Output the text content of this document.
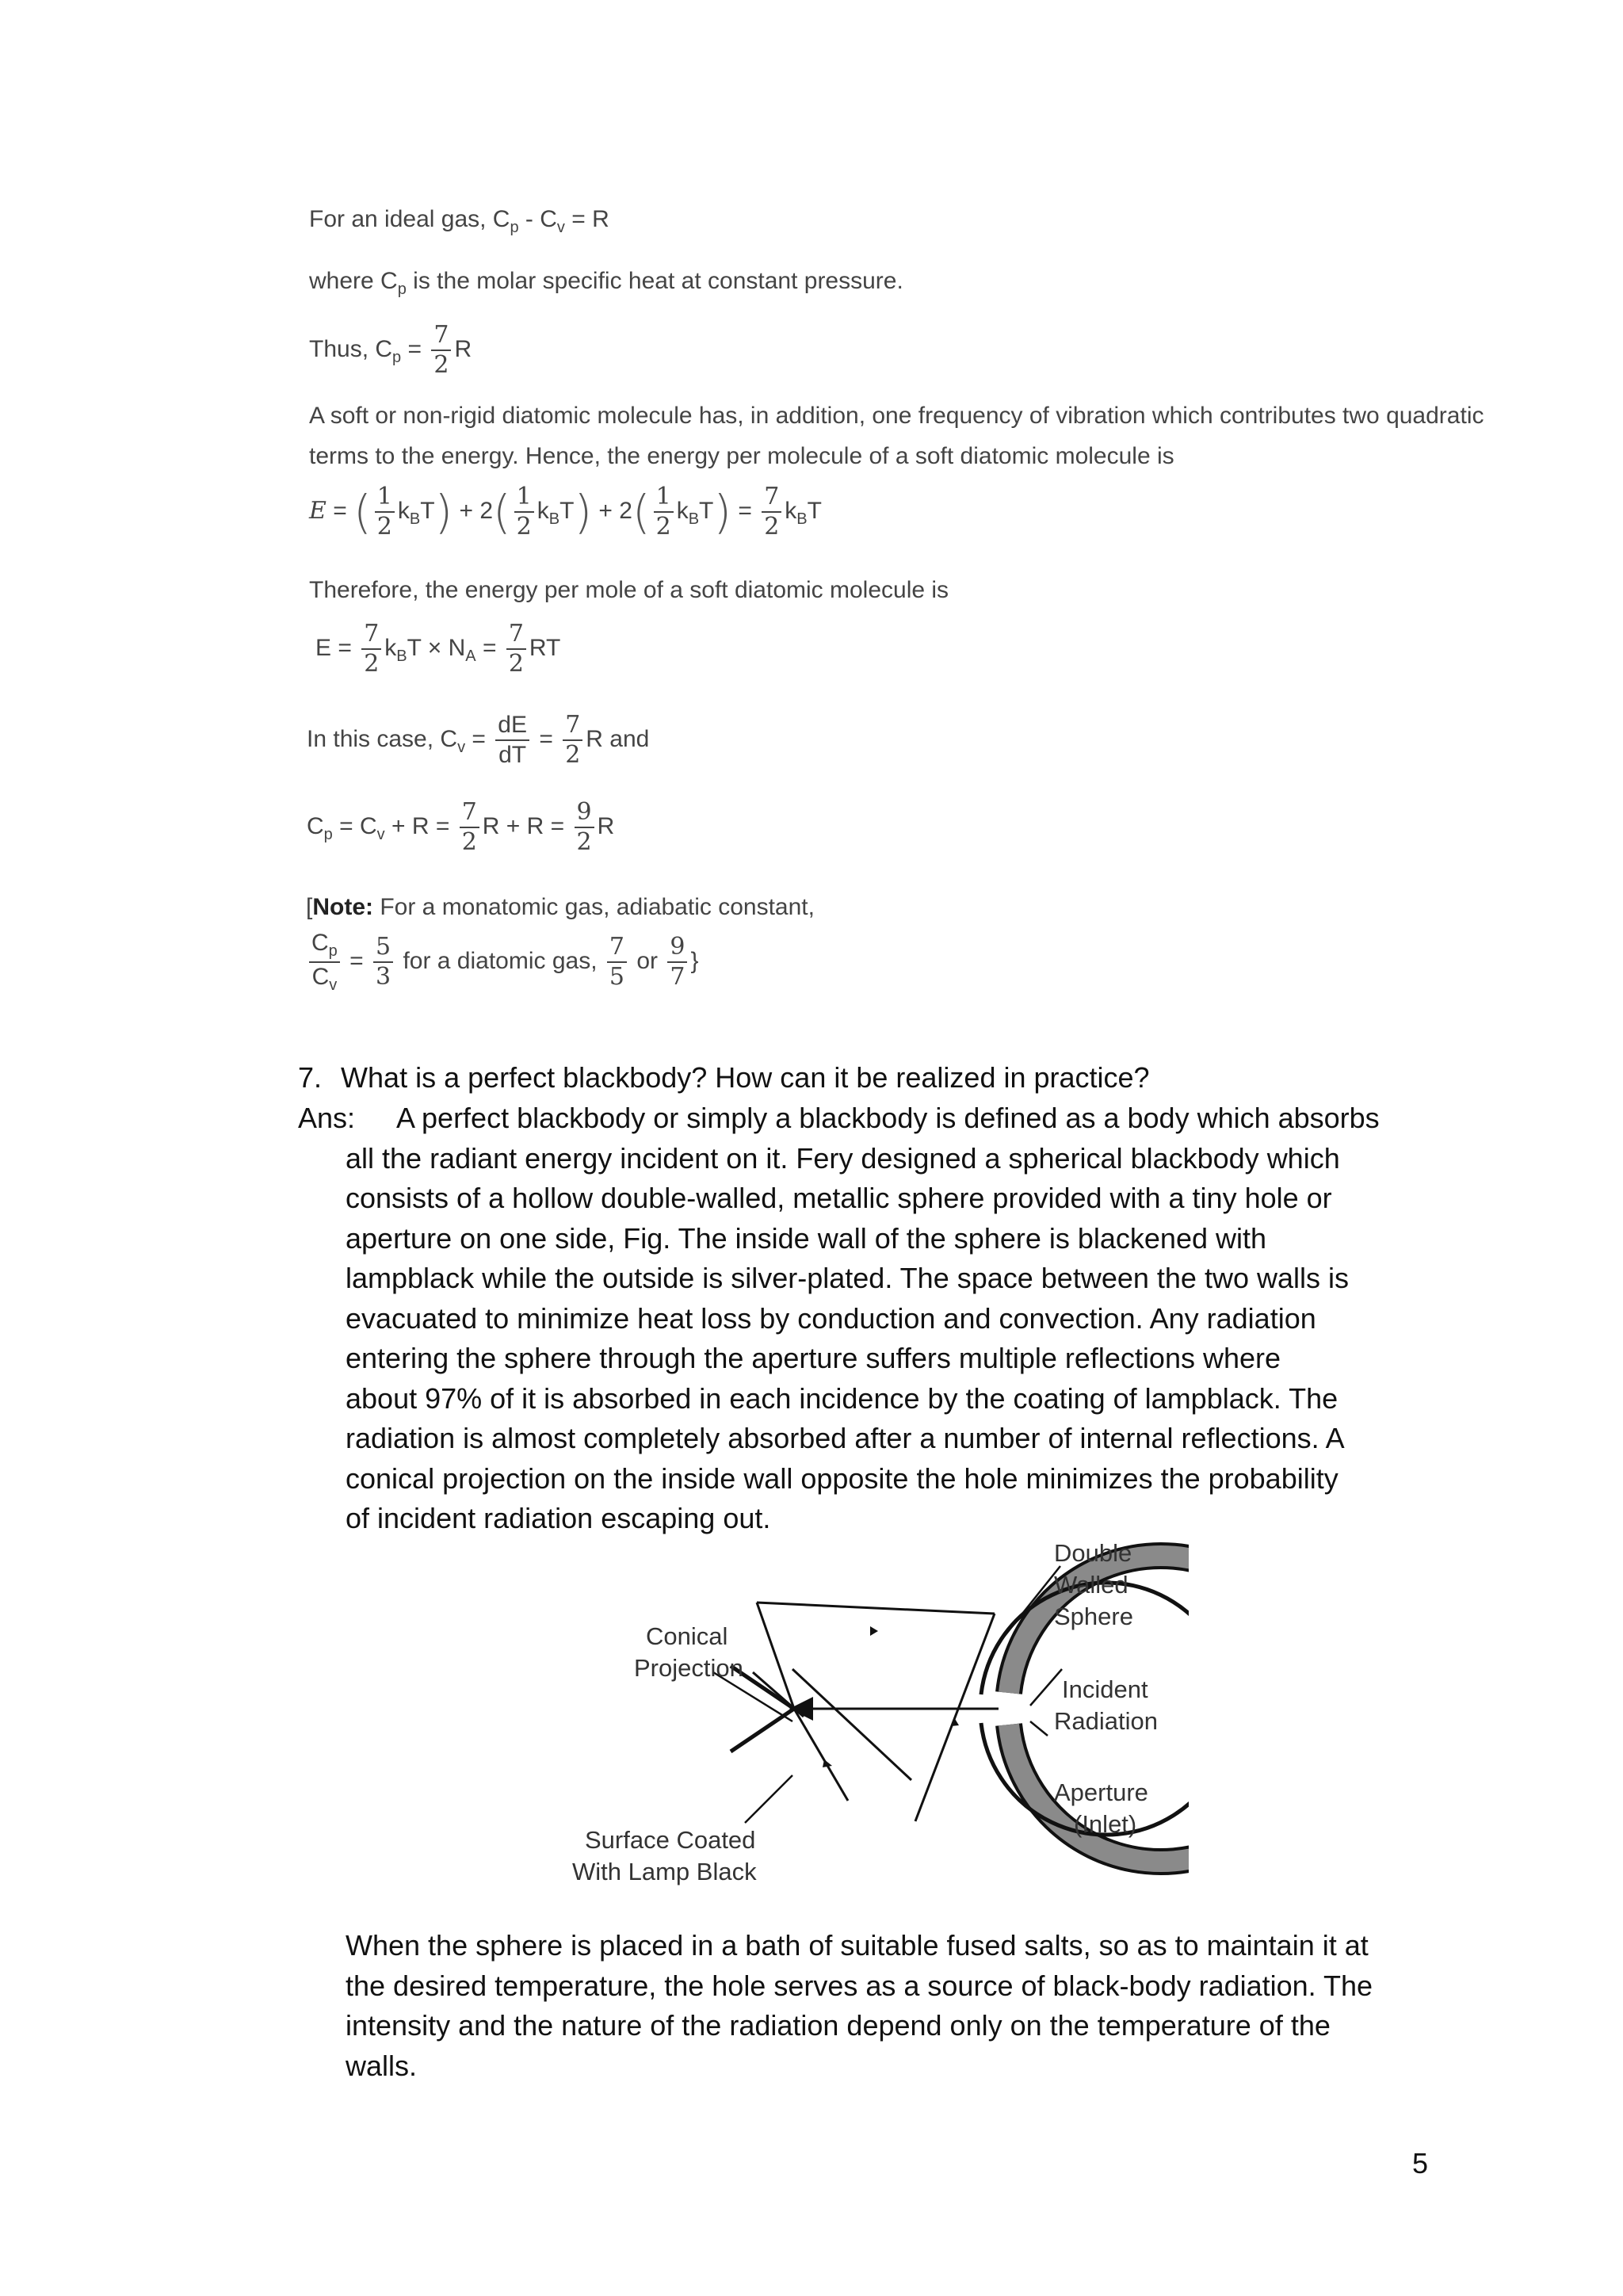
For an ideal gas, $C_p - C_v = R$
where $C_p$ is the molar specific heat at constant pressure.
Thus, $C_p = \frac{7}{2}$ R
A soft or non-rigid diatomic molecule has, in addition, one frequency of vibration which contributes two quadratic
terms to the energy. Hence, the energy per molecule of a soft diatomic molecule is
E = ( $\frac{1}{2} k_BT) + 2( \frac{1}{2} k_BT) + 2( \frac{1}{2} k_BT) = \frac{7}{2} k_BT$
Therefore, the energy per mole of a soft diatomic molecule is
$E = \frac{7}{2} k_BT \times N_A = \frac{7}{2}$ RT
In this case, $C_v = \frac{dE}{dT} = \frac{7}{2}$ R and
$C_p = C_v + R = \frac{7}{2}$ $R + R = \frac{9}{2}$ R
[Note: For a monatomic gas, adiabatic constant,
$\frac{C_p}{C_v} = \frac{5}{3}$ for a diatomic gas, $\frac{7}{5}$ or $\frac{9}{7}$ }
7. What is a perfect blackbody? How can it be realized in practice?
Ans: A perfect blackbody or simply a blackbody is defined as a body which absorbs
all the radiant energy incident on it. Fery designed a spherical blackbody which
consists of a hollow double-walled, metallic sphere provided with a tiny hole or
aperture on one side, Fig. The inside wall of the sphere is blackened with
lampblack while the outside is silver-plated. The space between the two walls is
evacuated to minimize heat loss by conduction and convection. Any radiation
entering the sphere through the aperture suffers multiple reflections where
about 97% of it is absorbed in each incidence by the coating of lampblack. The
radiation is almost completely absorbed after a number of internal reflections. A
conical projection on the inside wall opposite the hole minimizes the probability
of incident radiation escaping out.
Double Walled Sphere
Conical Projection
Incident Radiation
Aperture (Inlet)
Surface Coated With Lamp Black
When the sphere is placed in a bath of suitable fused salts, so as to maintain it at
the desired temperature, the hole serves as a source of black-body radiation. The
intensity and the nature of the radiation depend only on the temperature of the
walls.
5
